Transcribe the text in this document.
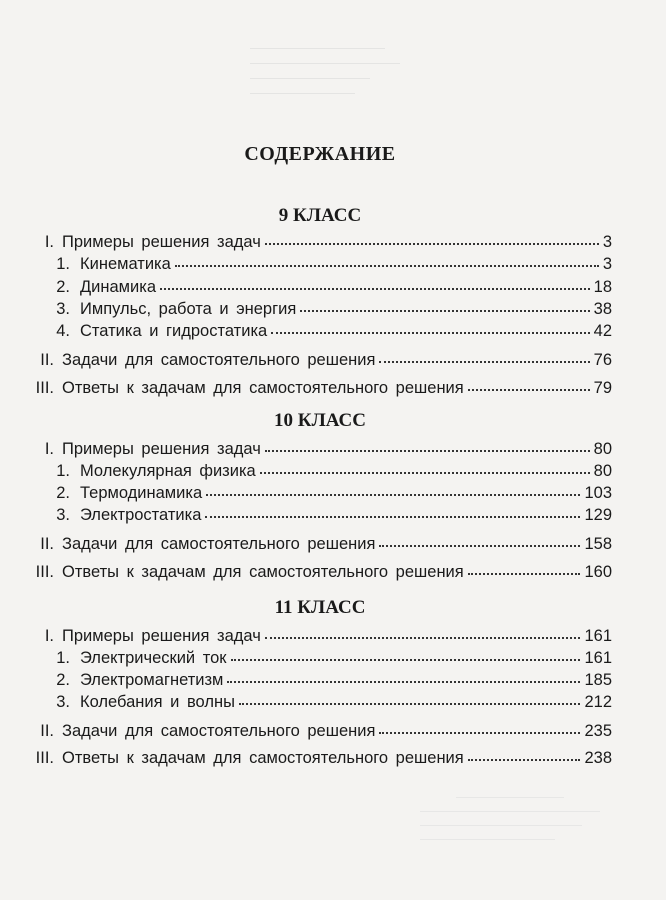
СОДЕРЖАНИЕ
9 КЛАСС
I. Примеры решения задач	3
1. Кинематика	3
2. Динамика	18
3. Импульс, работа и энергия	38
4. Статика и гидростатика	42
II. Задачи для самостоятельного решения	76
III. Ответы к задачам для самостоятельного решения	79
10 КЛАСС
I. Примеры решения задач	80
1. Молекулярная физика	80
2. Термодинамика	103
3. Электростатика	129
II. Задачи для самостоятельного решения	158
III. Ответы к задачам для самостоятельного решения	160
11 КЛАСС
I. Примеры решения задач	161
1. Электрический ток	161
2. Электромагнетизм	185
3. Колебания и волны	212
II. Задачи для самостоятельного решения	235
III. Ответы к задачам для самостоятельного решения	238
